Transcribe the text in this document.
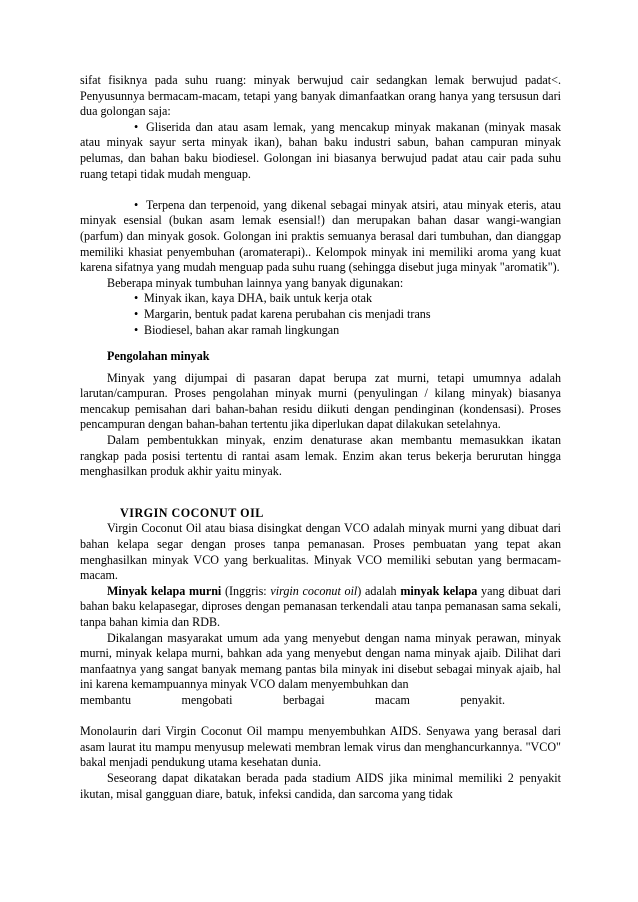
sifat fisiknya pada suhu ruang: minyak berwujud cair sedangkan lemak berwujud padat<. Penyusunnya bermacam-macam, tetapi yang banyak dimanfaatkan orang hanya yang tersusun dari dua golongan saja:

• Gliserida dan atau asam lemak, yang mencakup minyak makanan (minyak masak atau minyak sayur serta minyak ikan), bahan baku industri sabun, bahan campuran minyak pelumas, dan bahan baku biodiesel. Golongan ini biasanya berwujud padat atau cair pada suhu ruang tetapi tidak mudah menguap.

• Terpena dan terpenoid, yang dikenal sebagai minyak atsiri, atau minyak eteris, atau minyak esensial (bukan asam lemak esensial!) dan merupakan bahan dasar wangi-wangian (parfum) dan minyak gosok. Golongan ini praktis semuanya berasal dari tumbuhan, dan dianggap memiliki khasiat penyembuhan (aromaterapi).. Kelompok minyak ini memiliki aroma yang kuat karena sifatnya yang mudah menguap pada suhu ruang (sehingga disebut juga minyak "aromatik").

Beberapa minyak tumbuhan lainnya yang banyak digunakan:

• Minyak ikan, kaya DHA, baik untuk kerja otak

• Margarin, bentuk padat karena perubahan cis menjadi trans

• Biodiesel, bahan akar ramah lingkungan

Pengolahan minyak

Minyak yang dijumpai di pasaran dapat berupa zat murni, tetapi umumnya adalah larutan/campuran. Proses pengolahan minyak murni (penyulingan / kilang minyak) biasanya mencakup pemisahan dari bahan-bahan residu diikuti dengan pendinginan (kondensasi). Proses pencampuran dengan bahan-bahan tertentu jika diperlukan dapat dilakukan setelahnya.

Dalam pembentukkan minyak, enzim denaturase akan membantu memasukkan ikatan rangkap pada posisi tertentu di rantai asam lemak. Enzim akan terus bekerja berurutan hingga menghasilkan produk akhir yaitu minyak.

VIRGIN COCONUT OIL

Virgin Coconut Oil atau biasa disingkat dengan VCO adalah minyak murni yang dibuat dari bahan kelapa segar dengan proses tanpa pemanasan. Proses pembuatan yang tepat akan menghasilkan minyak VCO yang berkualitas. Minyak VCO memiliki sebutan yang bermacam-macam.

Minyak kelapa murni (Inggris: virgin coconut oil) adalah minyak kelapa yang dibuat dari bahan baku kelapasegar, diproses dengan pemanasan terkendali atau tanpa pemanasan sama sekali, tanpa bahan kimia dan RDB.

Dikalangan masyarakat umum ada yang menyebut dengan nama minyak perawan, minyak murni, minyak kelapa murni, bahkan ada yang menyebut dengan nama minyak ajaib. Dilihat dari manfaatnya yang sangat banyak memang pantas bila minyak ini disebut sebagai minyak ajaib, hal ini karena kemampuannya minyak VCO dalam menyembuhkan dan

membantu	mengobati	berbagai	macam	penyakit.

Monolaurin dari Virgin Coconut Oil mampu menyembuhkan AIDS. Senyawa yang berasal dari asam laurat itu mampu menyusup melewati membran lemak virus dan menghancurkannya. "VCO" bakal menjadi pendukung utama kesehatan dunia.

Seseorang dapat dikatakan berada pada stadium AIDS jika minimal memiliki 2 penyakit ikutan, misal gangguan diare, batuk, infeksi candida, dan sarcoma yang tidak
